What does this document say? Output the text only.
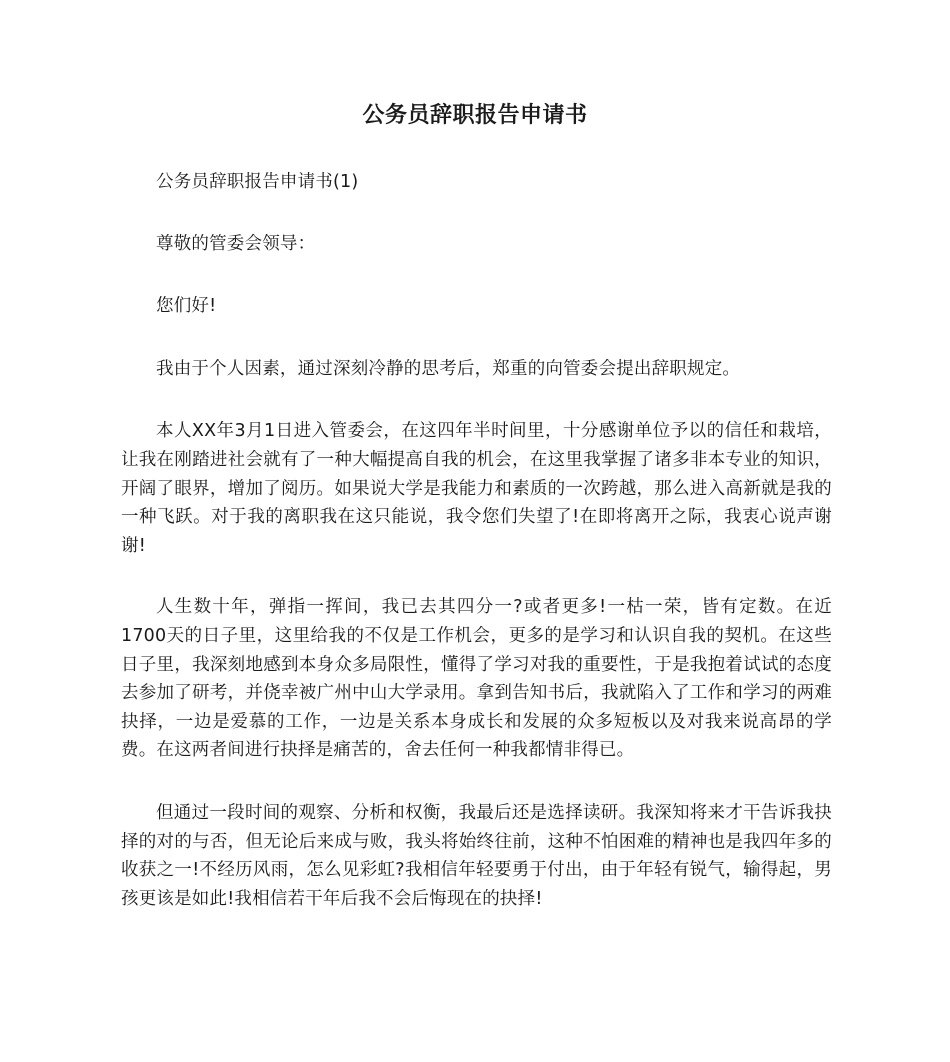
公务员辞职报告申请书

公务员辞职报告申请书(1)

尊敬的管委会领导：

您们好!

我由于个人因素，通过深刻冷静的思考后，郑重的向管委会提出辞职规定。

本人XX年3月1日进入管委会，在这四年半时间里，十分感谢单位予以的信任和栽培，让我在刚踏进社会就有了一种大幅提高自我的机会，在这里我掌握了诸多非本专业的知识，开阔了眼界，增加了阅历。如果说大学是我能力和素质的一次跨越，那么进入高新就是我的一种飞跃。对于我的离职我在这只能说，我令您们失望了!在即将离开之际，我衷心说声谢谢!

人生数十年，弹指一挥间，我已去其四分一?或者更多!一枯一荣，皆有定数。在近1700天的日子里，这里给我的不仅是工作机会，更多的是学习和认识自我的契机。在这些日子里，我深刻地感到本身众多局限性，懂得了学习对我的重要性，于是我抱着试试的态度去参加了研考，并侥幸被广州中山大学录用。拿到告知书后，我就陷入了工作和学习的两难抉择，一边是爱慕的工作，一边是关系本身成长和发展的众多短板以及对我来说高昂的学费。在这两者间进行抉择是痛苦的，舍去任何一种我都情非得已。

但通过一段时间的观察、分析和权衡，我最后还是选择读研。我深知将来才干告诉我抉择的对的与否，但无论后来成与败，我头将始终往前，这种不怕困难的精神也是我四年多的收获之一!不经历风雨，怎么见彩虹?我相信年轻要勇于付出，由于年轻有锐气，输得起，男孩更该是如此!我相信若干年后我不会后悔现在的抉择!
